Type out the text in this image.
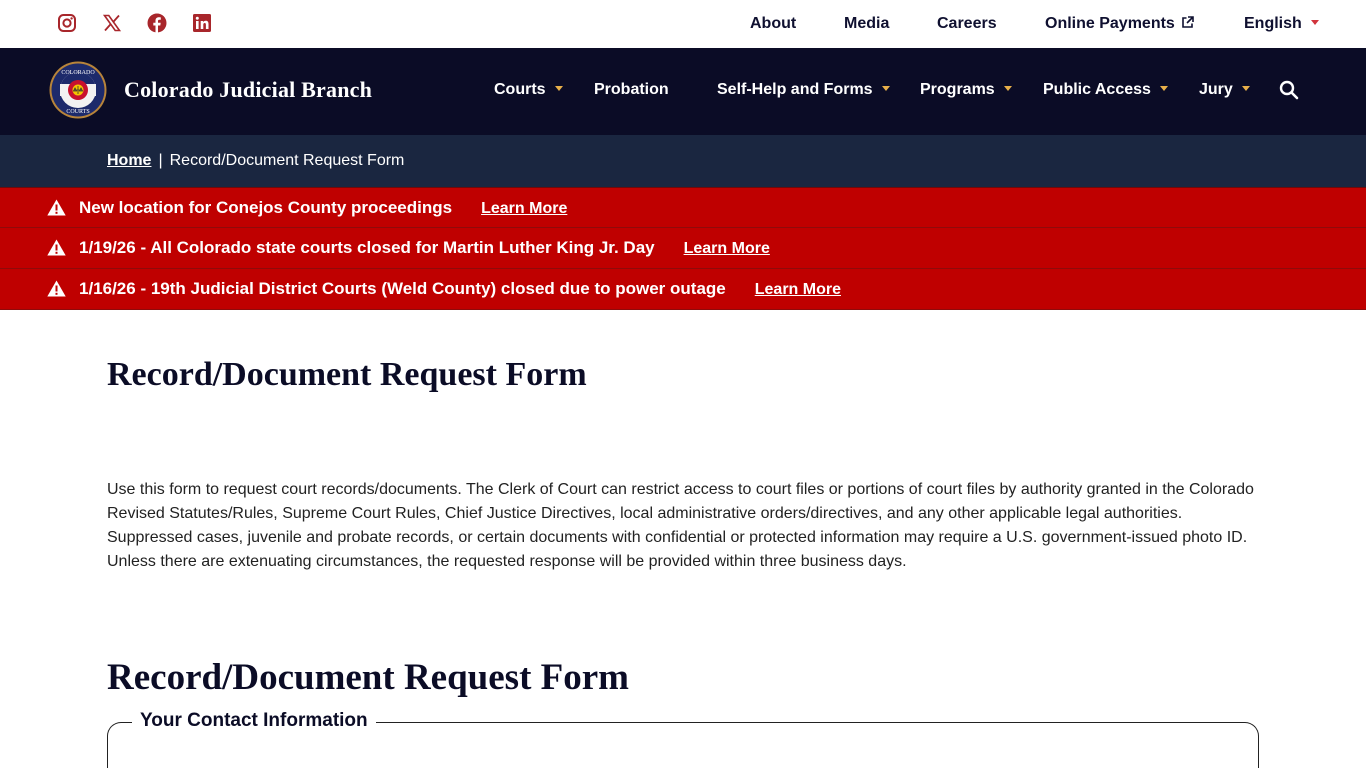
About	Media	Careers	Online Payments	English
COLORADO
COURTS
Colorado Judicial Branch	Courts	Probation	Self-Help and Forms	Programs	Public Access	Jury
Home | Record/Document Request Form
New location for Conejos County proceedings Learn More
1/19/26 - All Colorado state courts closed for Martin Luther King Jr. Day Learn More
1/16/26 - 19th Judicial District Courts (Weld County) closed due to power outage Learn More
Record/Document Request Form

Use this form to request court records/documents. The Clerk of Court can restrict access to court files or portions of court files by authority granted in the Colorado Revised Statutes/Rules, Supreme Court Rules, Chief Justice Directives, local administrative orders/directives, and any other applicable legal authorities. Suppressed cases, juvenile and probate records, or certain documents with confidential or protected information may require a U.S. government-issued photo ID. Unless there are extenuating circumstances, the requested response will be provided within three business days.

Record/Document Request Form
Your Contact Information
